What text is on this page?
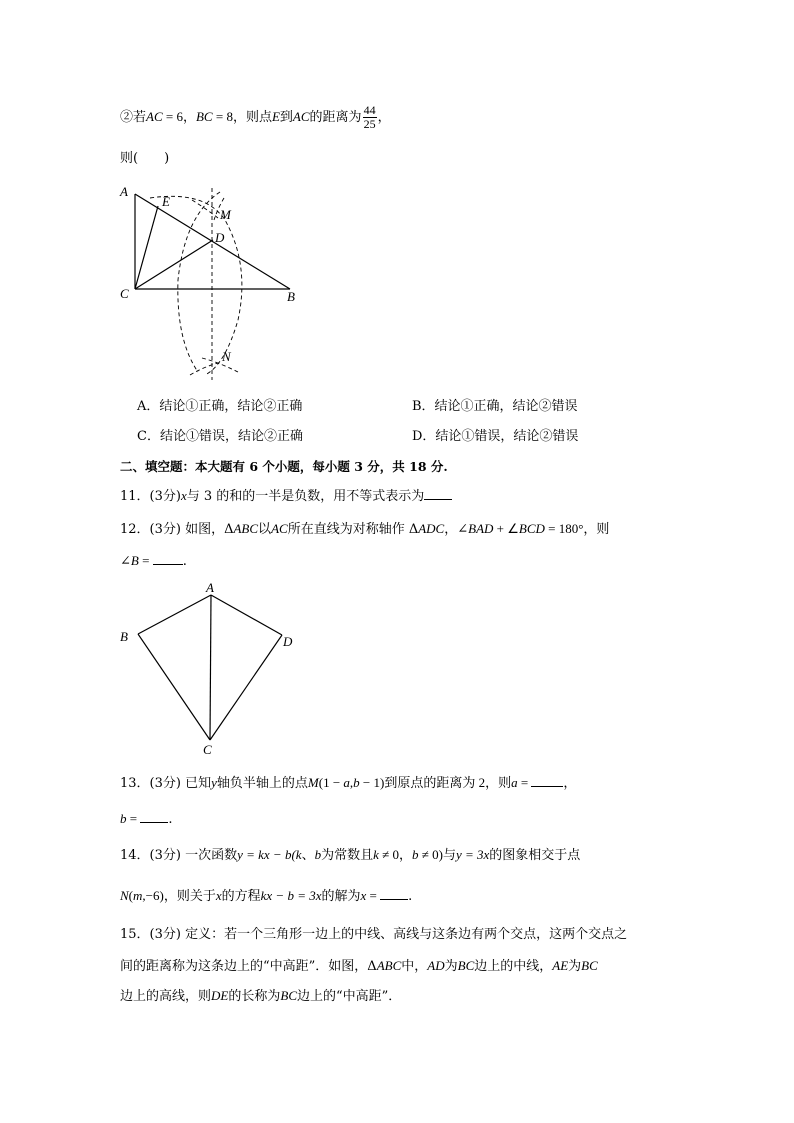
②若AC = 6，BC = 8，则点E到AC的距离为 $\frac{44}{25}$ ，
则(　　)
A
E
M
D
C	B
N
A．结论①正确，结论②正确	B．结论①正确，结论②错误
C．结论①错误，结论②正确	D．结论①错误，结论②错误
二、填空题：本大题有 6 个小题，每小题 3 分，共 18 分.
11．(3分)x与 3 的和的一半是负数，用不等式表示为
12．(3分) 如图，ΔABC以AC所在直线为对称轴作 ΔADC，∠BAD + ∠BCD = 180°，则
∠B = .
A
B	D
C
13．(3分) 已知y轴负半轴上的点M(1 − a,b − 1)到原点的距离为 2，则a = ，
b = .
14．(3分) 一次函数y = kx − b(k、b为常数且k ≠ 0，b ≠ 0)与y = 3x的图象相交于点
N(m,−6)，则关于x的方程kx − b = 3x的解为x = .
15．(3分) 定义：若一个三角形一边上的中线、高线与这条边有两个交点，这两个交点之
间的距离称为这条边上的“中高距”．如图，ΔABC中，AD为BC边上的中线，AE为BC
边上的高线，则DE的长称为BC边上的“中高距”．
